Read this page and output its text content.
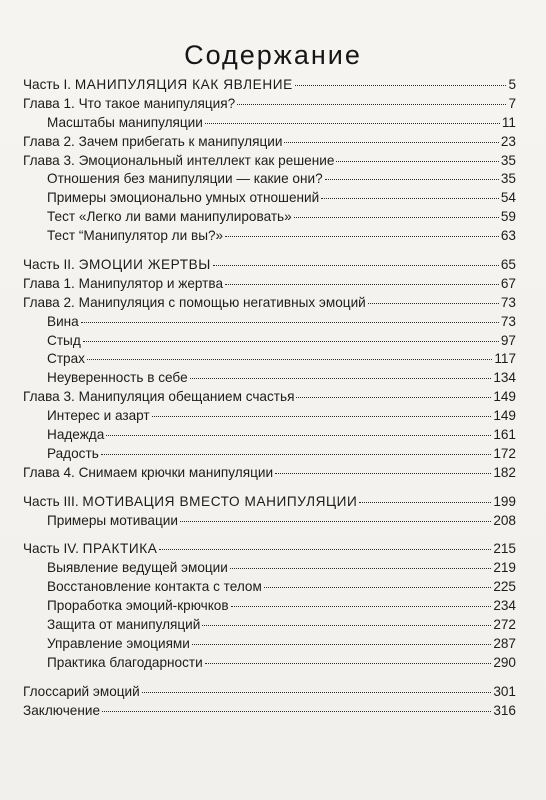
Содержание
Часть I. МАНИПУЛЯЦИЯ КАК ЯВЛЕНИЕ	5
Глава 1. Что такое манипуляция?	7
Масштабы манипуляции	11
Глава 2. Зачем прибегать к манипуляции	23
Глава 3. Эмоциональный интеллект как решение	35
Отношения без манипуляции — какие они?	35
Примеры эмоционально умных отношений	54
Тест «Легко ли вами манипулировать»	59
Тест “Манипулятор ли вы?»	63
Часть II. ЭМОЦИИ ЖЕРТВЫ	65
Глава 1. Манипулятор и жертва	67
Глава 2. Манипуляция с помощью негативных эмоций	73
Вина	73
Стыд	97
Страх	117
Неуверенность в себе	134
Глава 3. Манипуляция обещанием счастья	149
Интерес и азарт	149
Надежда	161
Радость	172
Глава 4. Снимаем крючки манипуляции	182
Часть III. МОТИВАЦИЯ ВМЕСТО МАНИПУЛЯЦИИ	199
Примеры мотивации	208
Часть IV. ПРАКТИКА	215
Выявление ведущей эмоции	219
Восстановление контакта с телом	225
Проработка эмоций-крючков	234
Защита от манипуляций	272
Управление эмоциями	287
Практика благодарности	290
Глоссарий эмоций	301
Заключение	316
